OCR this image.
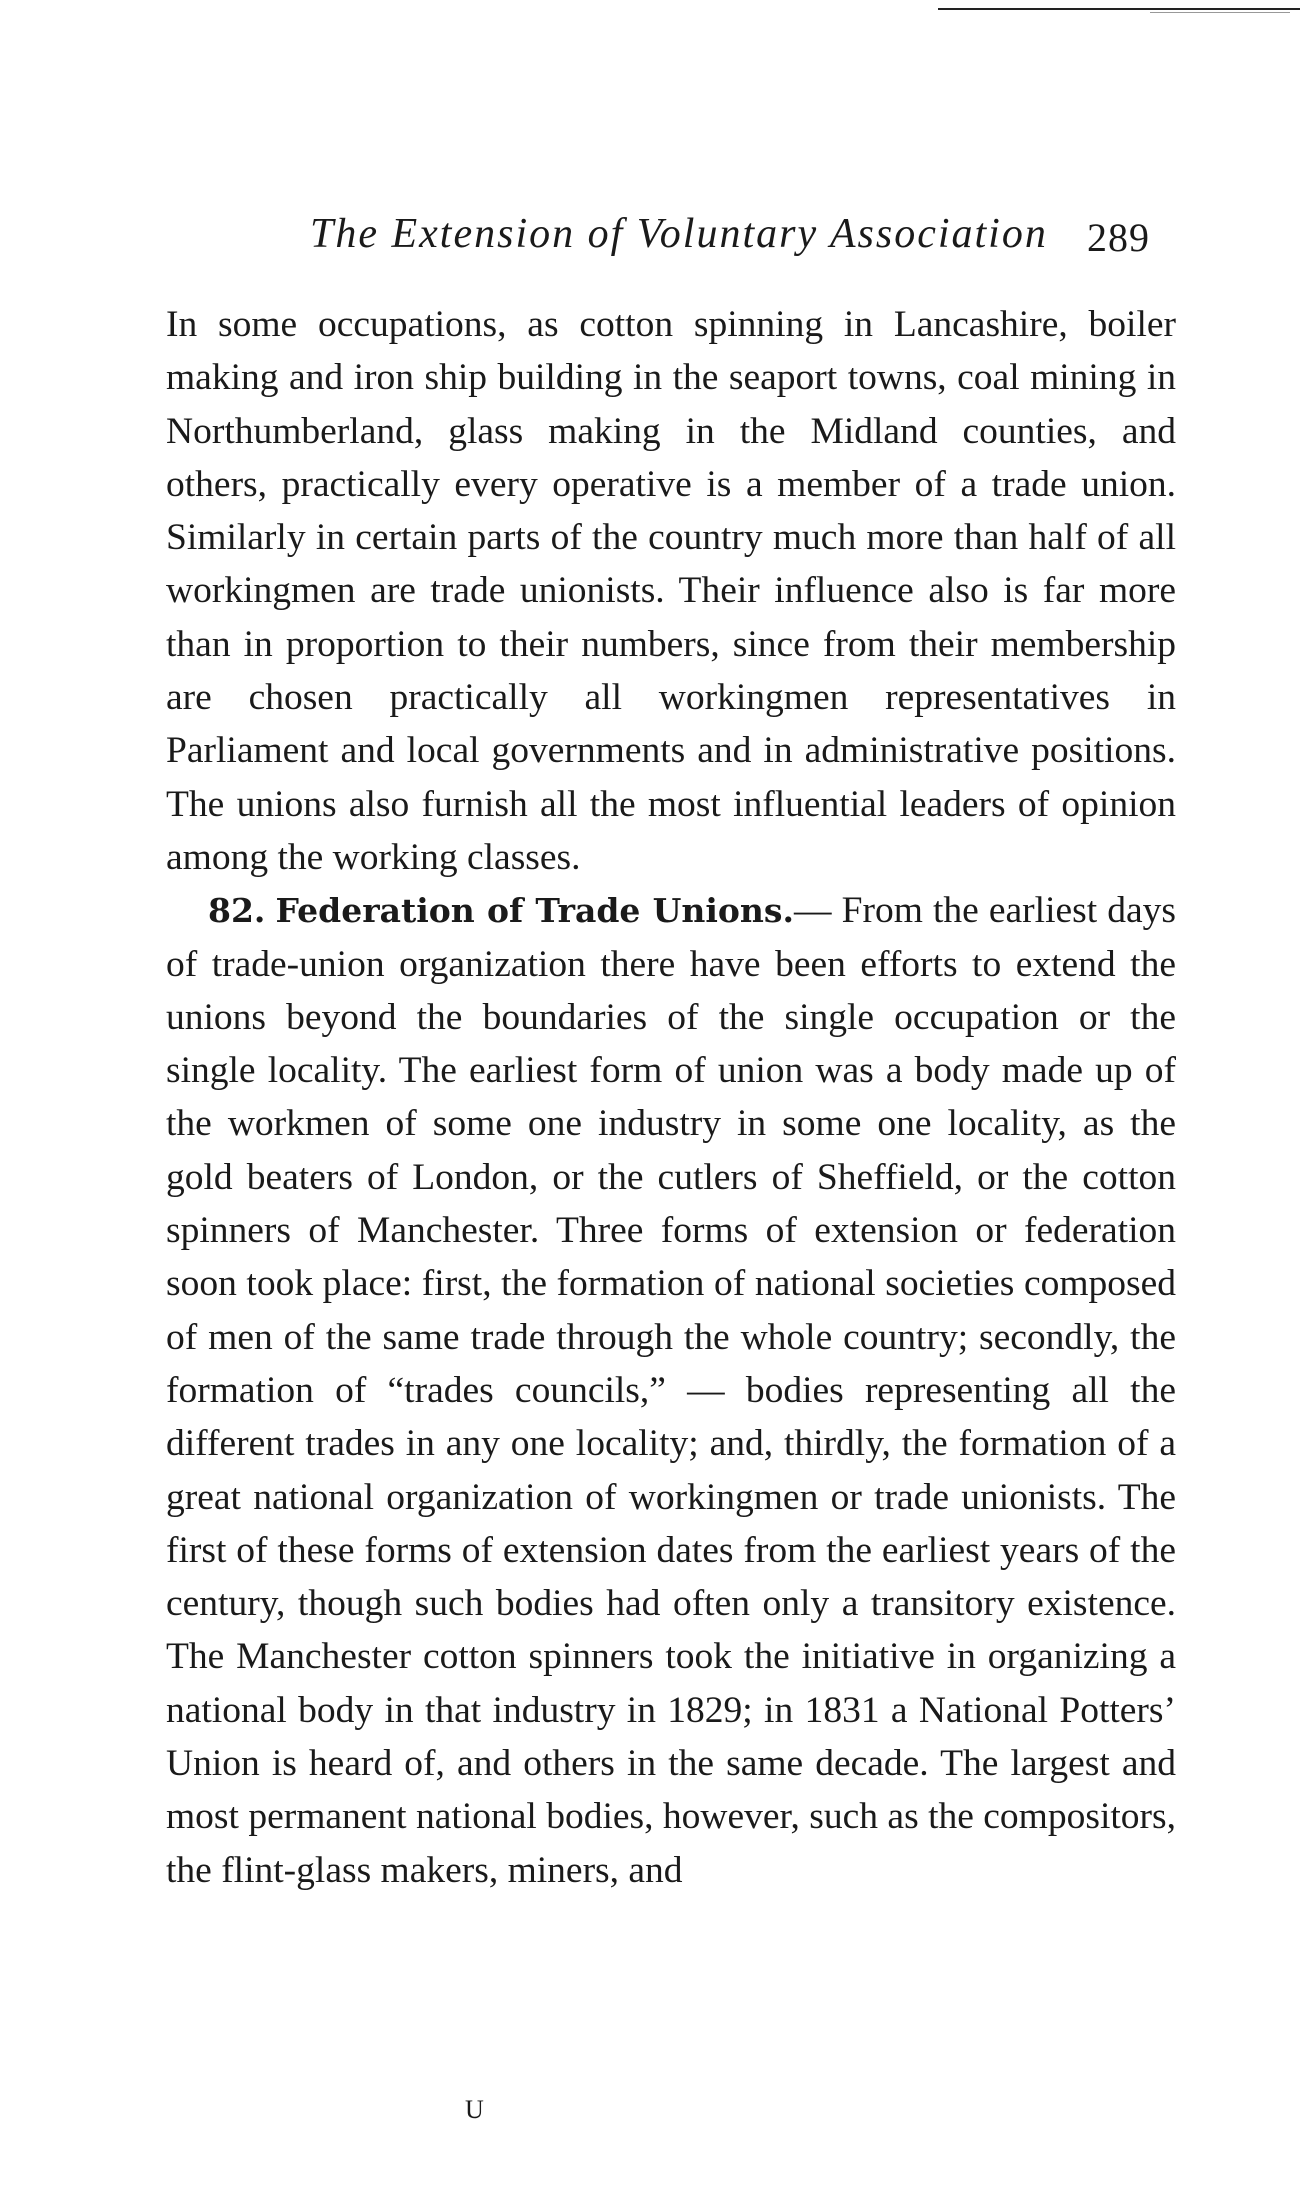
The Extension of Voluntary Association 289

In some occupations, as cotton spinning in Lancashire, boiler making and iron ship building in the seaport towns, coal mining in Northumberland, glass making in the Midland counties, and others, practically every operative is a member of a trade union. Similarly in certain parts of the country much more than half of all workingmen are trade unionists. Their influence also is far more than in proportion to their numbers, since from their membership are chosen practically all workingmen representatives in Parliament and local governments and in administrative positions. The unions also furnish all the most influential leaders of opinion among the working classes.

82. Federation of Trade Unions.— From the earliest days of trade-union organization there have been efforts to extend the unions beyond the boundaries of the single occupation or the single locality. The earliest form of union was a body made up of the workmen of some one industry in some one locality, as the gold beaters of London, or the cutlers of Sheffield, or the cotton spinners of Manchester. Three forms of extension or federation soon took place: first, the formation of national societies composed of men of the same trade through the whole country; secondly, the formation of “trades councils,” — bodies representing all the different trades in any one locality; and, thirdly, the formation of a great national organization of workingmen or trade unionists. The first of these forms of extension dates from the earliest years of the century, though such bodies had often only a transitory existence. The Manchester cotton spinners took the initiative in organizing a national body in that industry in 1829; in 1831 a National Potters’ Union is heard of, and others in the same decade. The largest and most permanent national bodies, however, such as the compositors, the flint-glass makers, miners, and

U
